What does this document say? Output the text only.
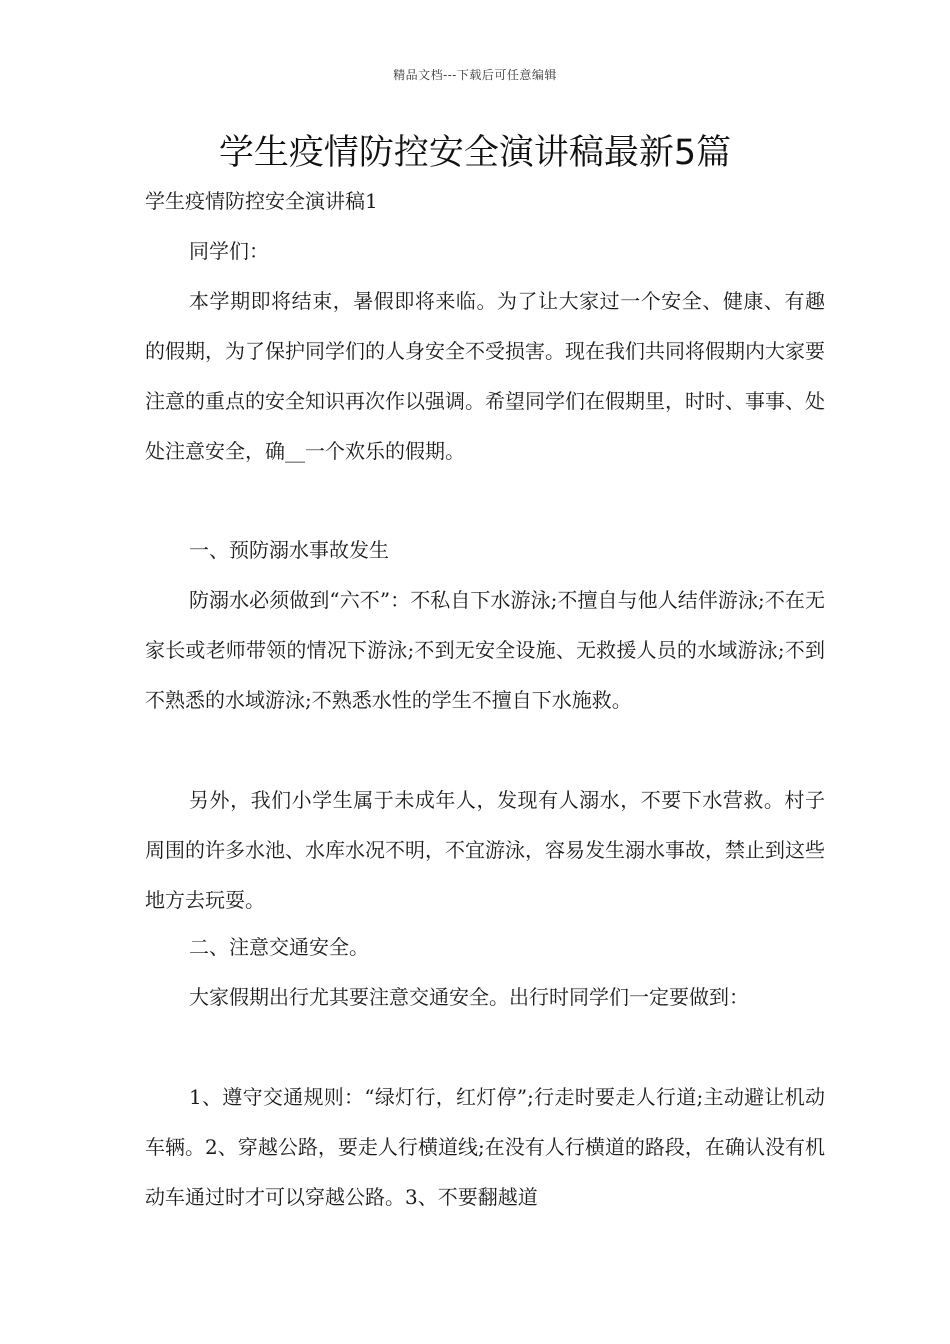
精品文档---下载后可任意编辑
学生疫情防控安全演讲稿最新5篇

学生疫情防控安全演讲稿1

同学们：

本学期即将结束，暑假即将来临。为了让大家过一个安全、健康、有趣的假期，为了保护同学们的人身安全不受损害。现在我们共同将假期内大家要注意的重点的安全知识再次作以强调。希望同学们在假期里，时时、事事、处处注意安全，确__一个欢乐的假期。

一、预防溺水事故发生

防溺水必须做到“六不”：不私自下水游泳;不擅自与他人结伴游泳;不在无家长或老师带领的情况下游泳;不到无安全设施、无救援人员的水域游泳;不到不熟悉的水域游泳;不熟悉水性的学生不擅自下水施救。

另外，我们小学生属于未成年人，发现有人溺水，不要下水营救。村子周围的许多水池、水库水况不明，不宜游泳，容易发生溺水事故，禁止到这些地方去玩耍。

二、注意交通安全。

大家假期出行尤其要注意交通安全。出行时同学们一定要做到：

1、遵守交通规则：“绿灯行，红灯停”;行走时要走人行道;主动避让机动车辆。2、穿越公路，要走人行横道线;在没有人行横道的路段，在确认没有机动车通过时才可以穿越公路。3、不要翻越道
